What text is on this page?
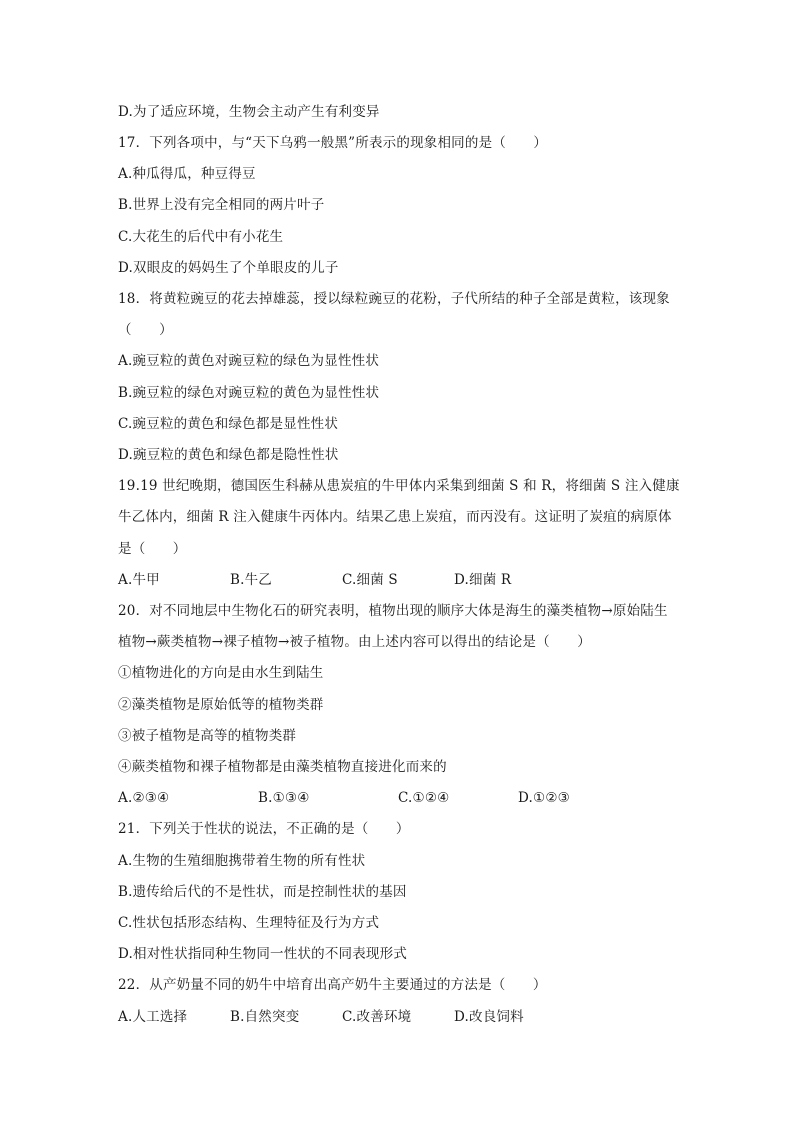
D.为了适应环境，生物会主动产生有利变异
17．下列各项中，与“天下乌鸦一般黑”所表示的现象相同的是（　　）
A.种瓜得瓜，种豆得豆
B.世界上没有完全相同的两片叶子
C.大花生的后代中有小花生
D.双眼皮的妈妈生了个单眼皮的儿子
18．将黄粒豌豆的花去掉雄蕊，授以绿粒豌豆的花粉，子代所结的种子全部是黄粒，该现象
（　　）
A.豌豆粒的黄色对豌豆粒的绿色为显性性状
B.豌豆粒的绿色对豌豆粒的黄色为显性性状
C.豌豆粒的黄色和绿色都是显性性状
D.豌豆粒的黄色和绿色都是隐性性状
19.19 世纪晚期，德国医生科赫从患炭疽的牛甲体内采集到细菌 S 和 R，将细菌 S 注入健康
牛乙体内，细菌 R 注入健康牛丙体内。结果乙患上炭疽，而丙没有。这证明了炭疽的病原体
是（　　）
A.牛甲	B.牛乙	C.细菌 S	D.细菌 R
20．对不同地层中生物化石的研究表明，植物出现的顺序大体是海生的藻类植物→原始陆生
植物→蕨类植物→裸子植物→被子植物。由上述内容可以得出的结论是（　　）
①植物进化的方向是由水生到陆生
②藻类植物是原始低等的植物类群
③被子植物是高等的植物类群
④蕨类植物和裸子植物都是由藻类植物直接进化而来的
A.②③④	B.①③④	C.①②④	D.①②③
21．下列关于性状的说法，不正确的是（　　）
A.生物的生殖细胞携带着生物的所有性状
B.遗传给后代的不是性状，而是控制性状的基因
C.性状包括形态结构、生理特征及行为方式
D.相对性状指同种生物同一性状的不同表现形式
22．从产奶量不同的奶牛中培育出高产奶牛主要通过的方法是（　　）
A.人工选择	B.自然突变	C.改善环境	D.改良饲料
